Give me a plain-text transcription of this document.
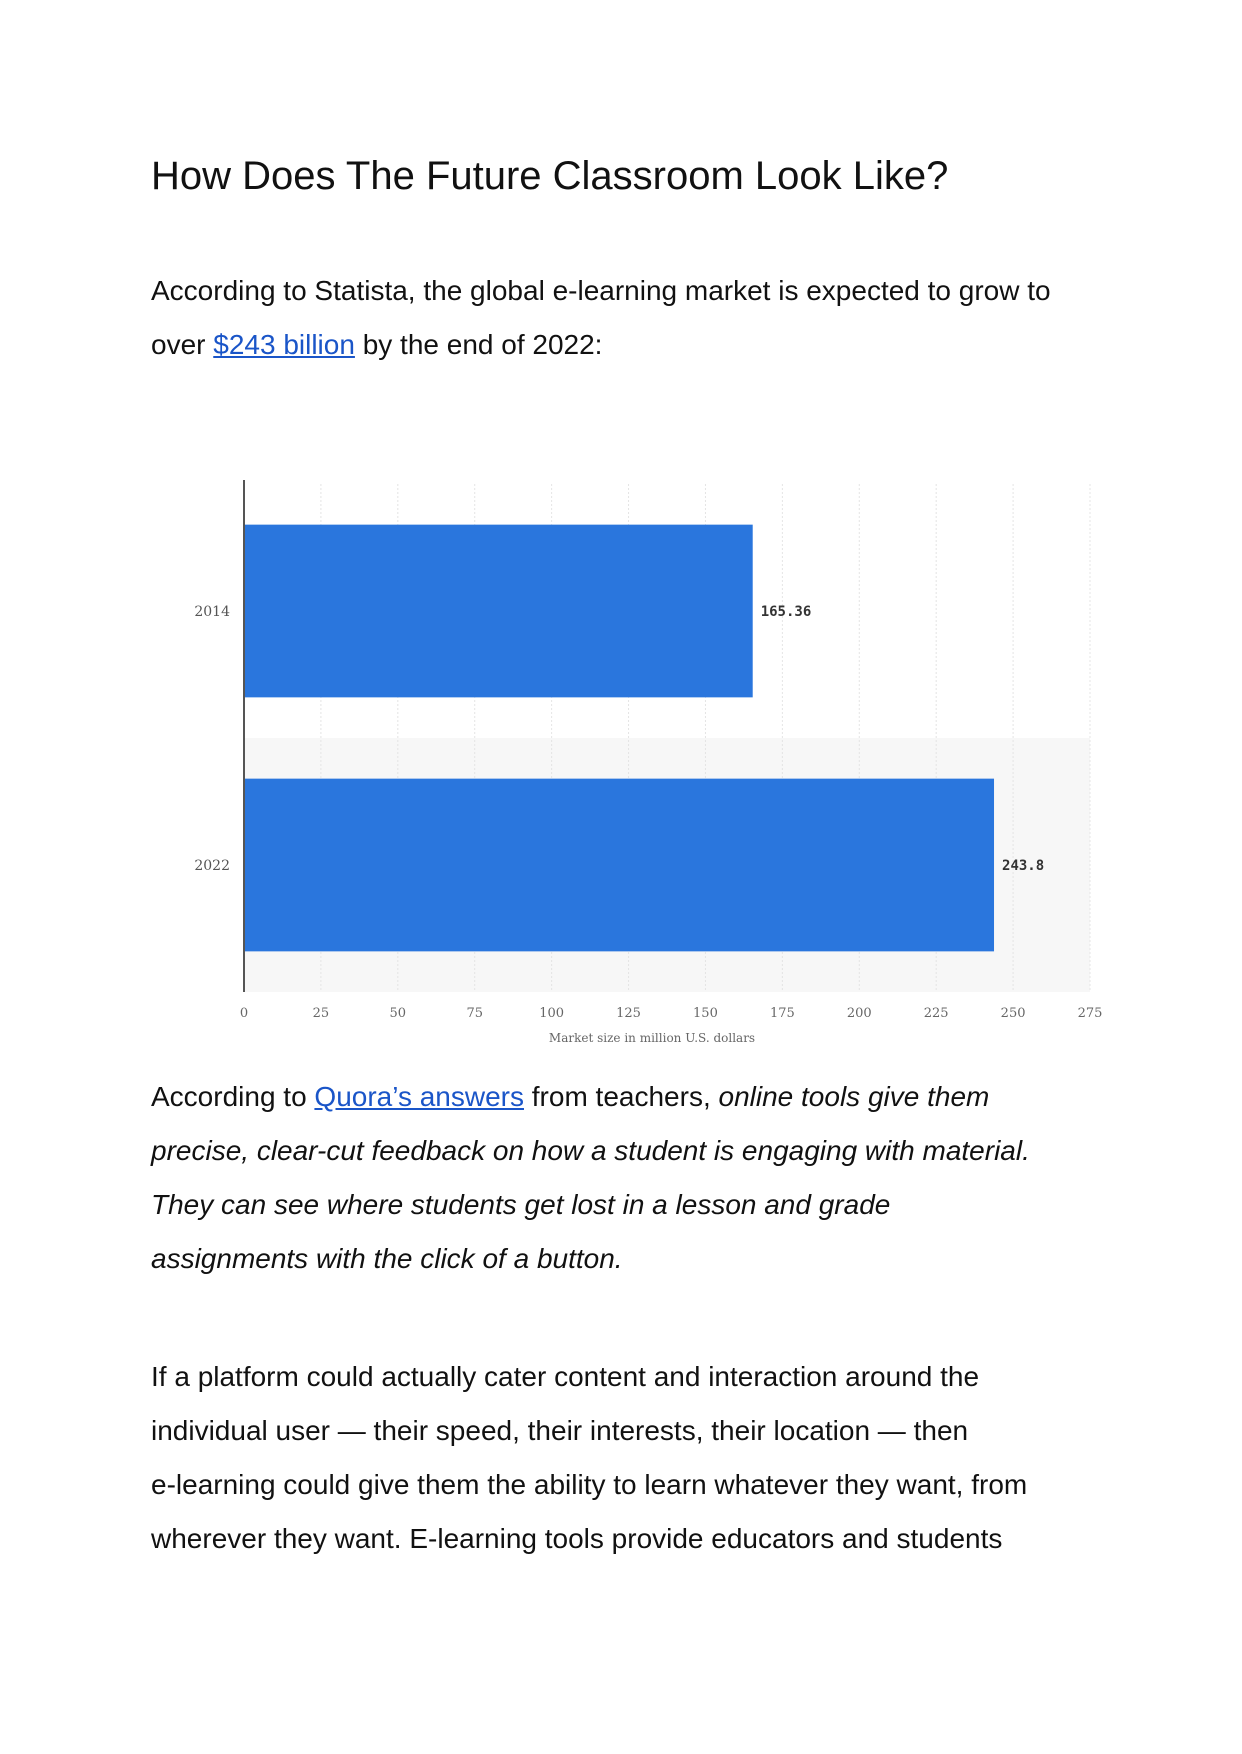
How Does The Future Classroom Look Like?

According to Statista, the global e-learning market is expected to grow to
over $243 billion by the end of 2022:

0	25	50	75	100	125	150	175	200	225	250	275
165.36
2014
243.8
2022
Market size in million U.S. dollars

According to Quora’s answers from teachers, online tools give them
precise, clear-cut feedback on how a student is engaging with material.
They can see where students get lost in a lesson and grade
assignments with the click of a button.

If a platform could actually cater content and interaction around the
individual user — their speed, their interests, their location — then
e-learning could give them the ability to learn whatever they want, from
wherever they want. E-learning tools provide educators and students
